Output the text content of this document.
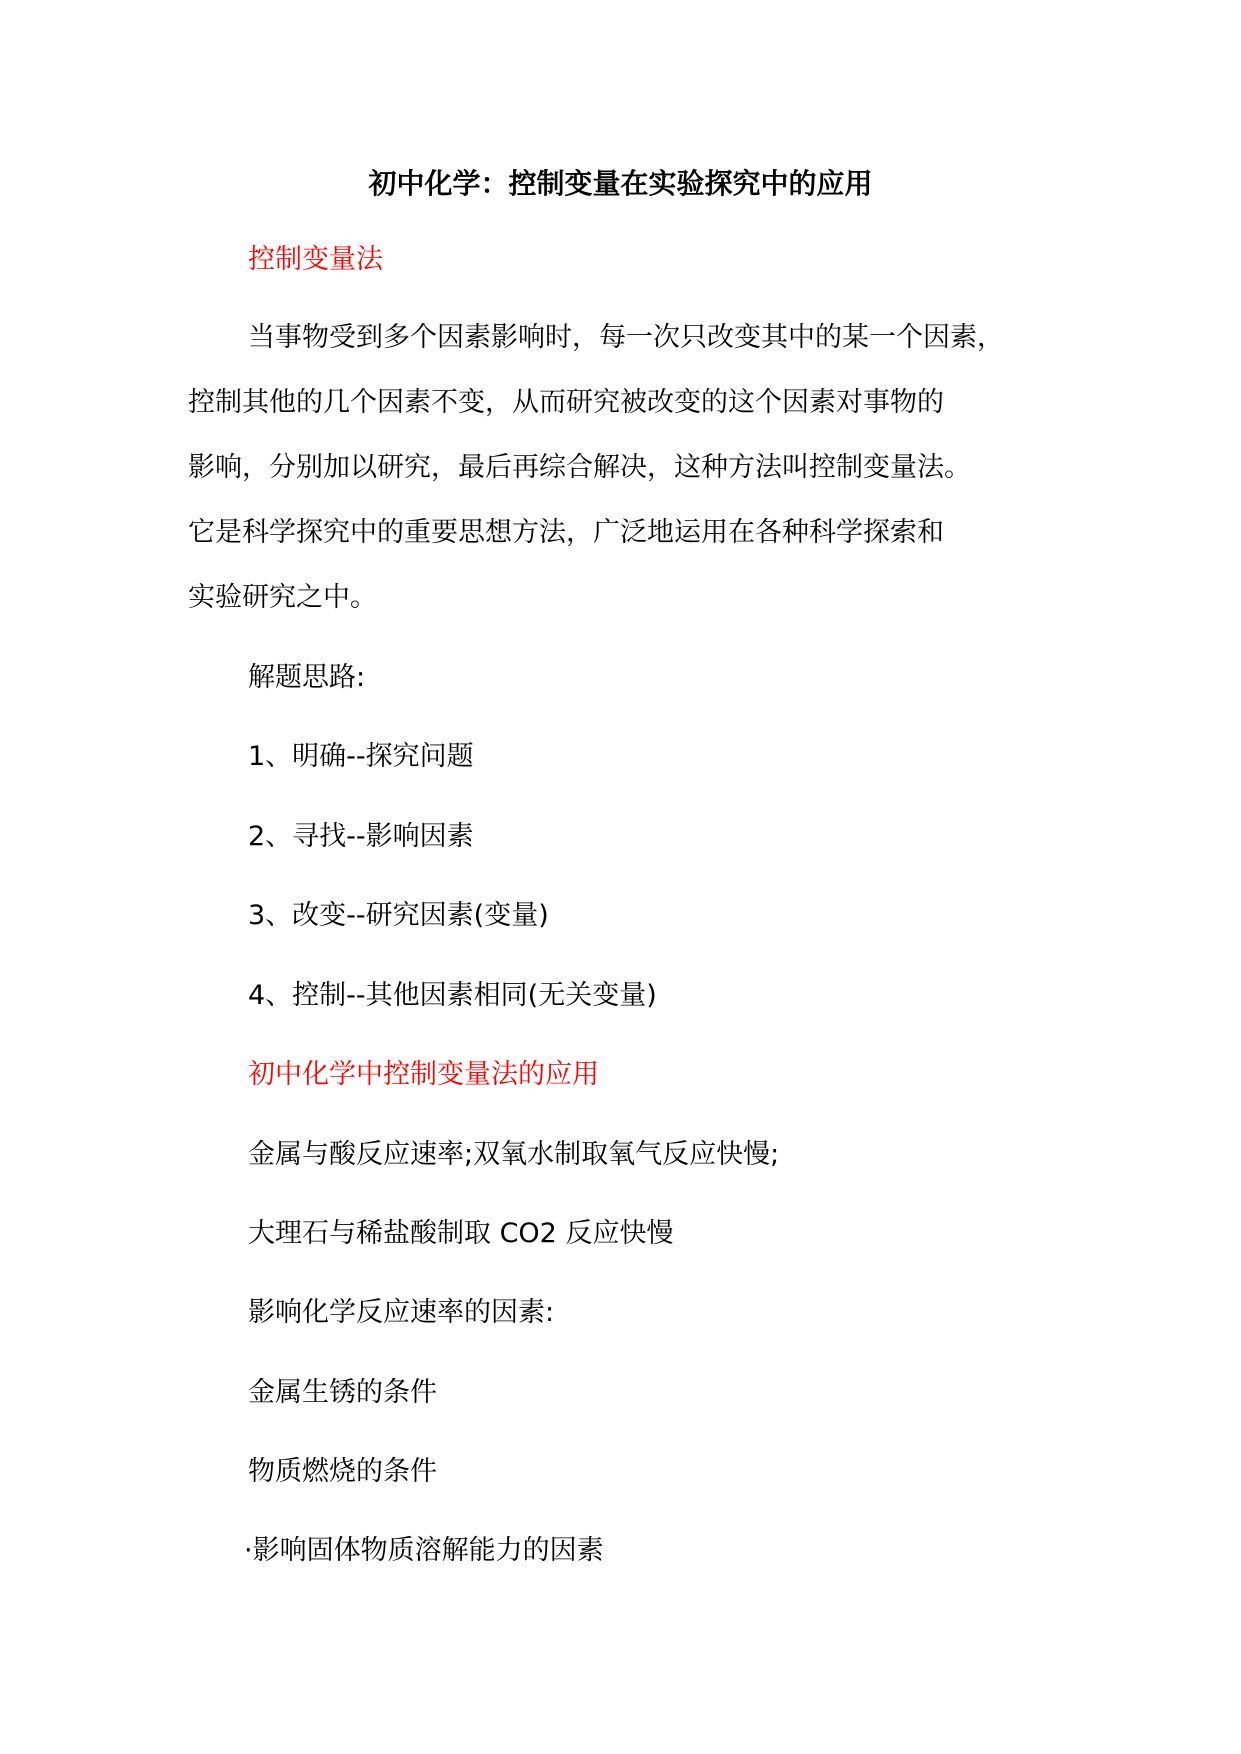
初中化学：控制变量在实验探究中的应用
控制变量法
当事物受到多个因素影响时，每一次只改变其中的某一个因素，
控制其他的几个因素不变，从而研究被改变的这个因素对事物的
影响，分别加以研究，最后再综合解决，这种方法叫控制变量法。
它是科学探究中的重要思想方法，广泛地运用在各种科学探索和
实验研究之中。
解题思路:
1、明确--探究问题
2、寻找--影响因素
3、改变--研究因素(变量)
4、控制--其他因素相同(无关变量)
初中化学中控制变量法的应用
金属与酸反应速率;双氧水制取氧气反应快慢;
大理石与稀盐酸制取 CO2 反应快慢
影响化学反应速率的因素:
金属生锈的条件
物质燃烧的条件
·影响固体物质溶解能力的因素
